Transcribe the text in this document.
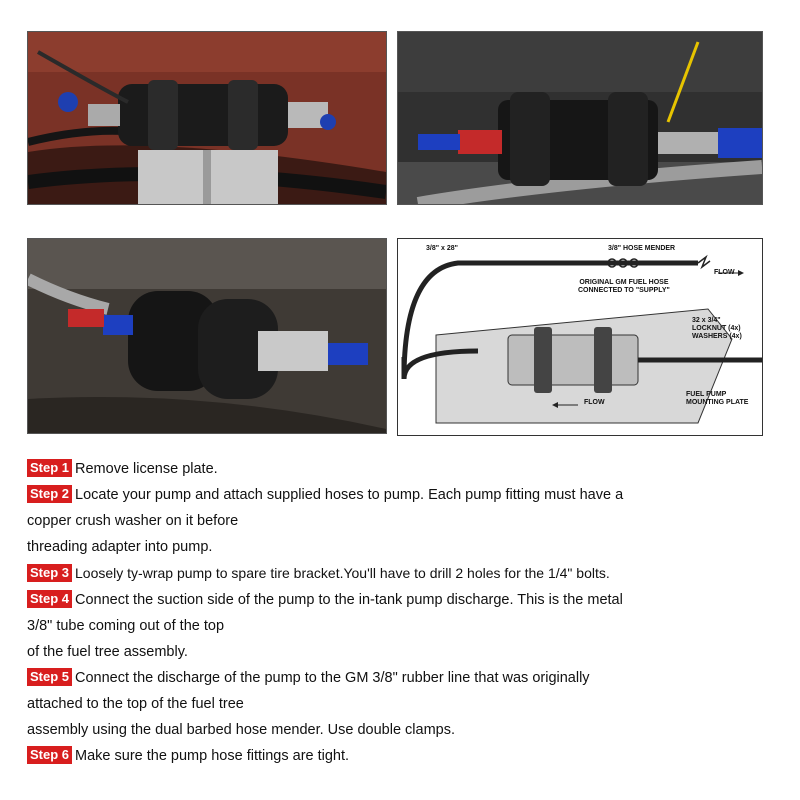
3/8" x 28"	3/8" HOSE MENDER
FLOW
ORIGINAL GM FUEL HOSE
CONNECTED TO "SUPPLY"
32 x 3/4"
LOCKNUT (4x)
WASHERS (4x)
FLOW
FUEL PUMP
MOUNTING PLATE

Step 1 Remove license plate.

Step 2 Locate your pump and attach supplied hoses to pump. Each pump fitting must have a

copper crush washer on it before

threading adapter into pump.

Step 3 Loosely ty-wrap pump to spare tire bracket.You'll have to drill 2 holes for the 1/4" bolts.

Step 4 Connect the suction side of the pump to the in-tank pump discharge. This is the metal

3/8" tube coming out of the top

of the fuel tree assembly.

Step 5 Connect the discharge of the pump to the GM 3/8" rubber line that was originally

attached to the top of the fuel tree

assembly using the dual barbed hose mender. Use double clamps.

Step 6 Make sure the pump hose fittings are tight.
